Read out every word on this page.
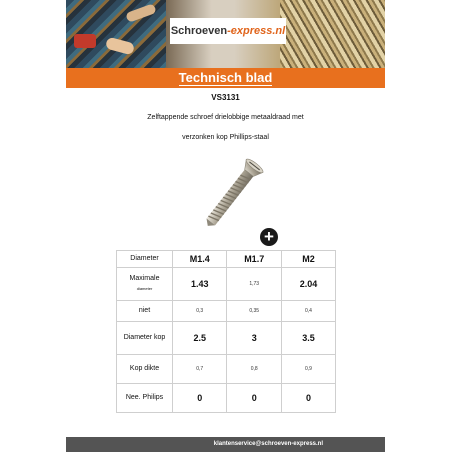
Schroeven -express.nl
Technisch blad
VS3131
Zelftappende schroef drielobbige metaaldraad met
verzonken kop Phillips-staal
+
Diameter	M1.4	M1.7	M2
Maximale
diameter	1.43	1,73	2.04
niet	0,3	0,35	0,4
Diameter kop	2.5	3	3.5
Kop dikte	0,7	0,8	0,9
Nee. Philips	0	0	0
klantenservice@schroeven-express.nl
